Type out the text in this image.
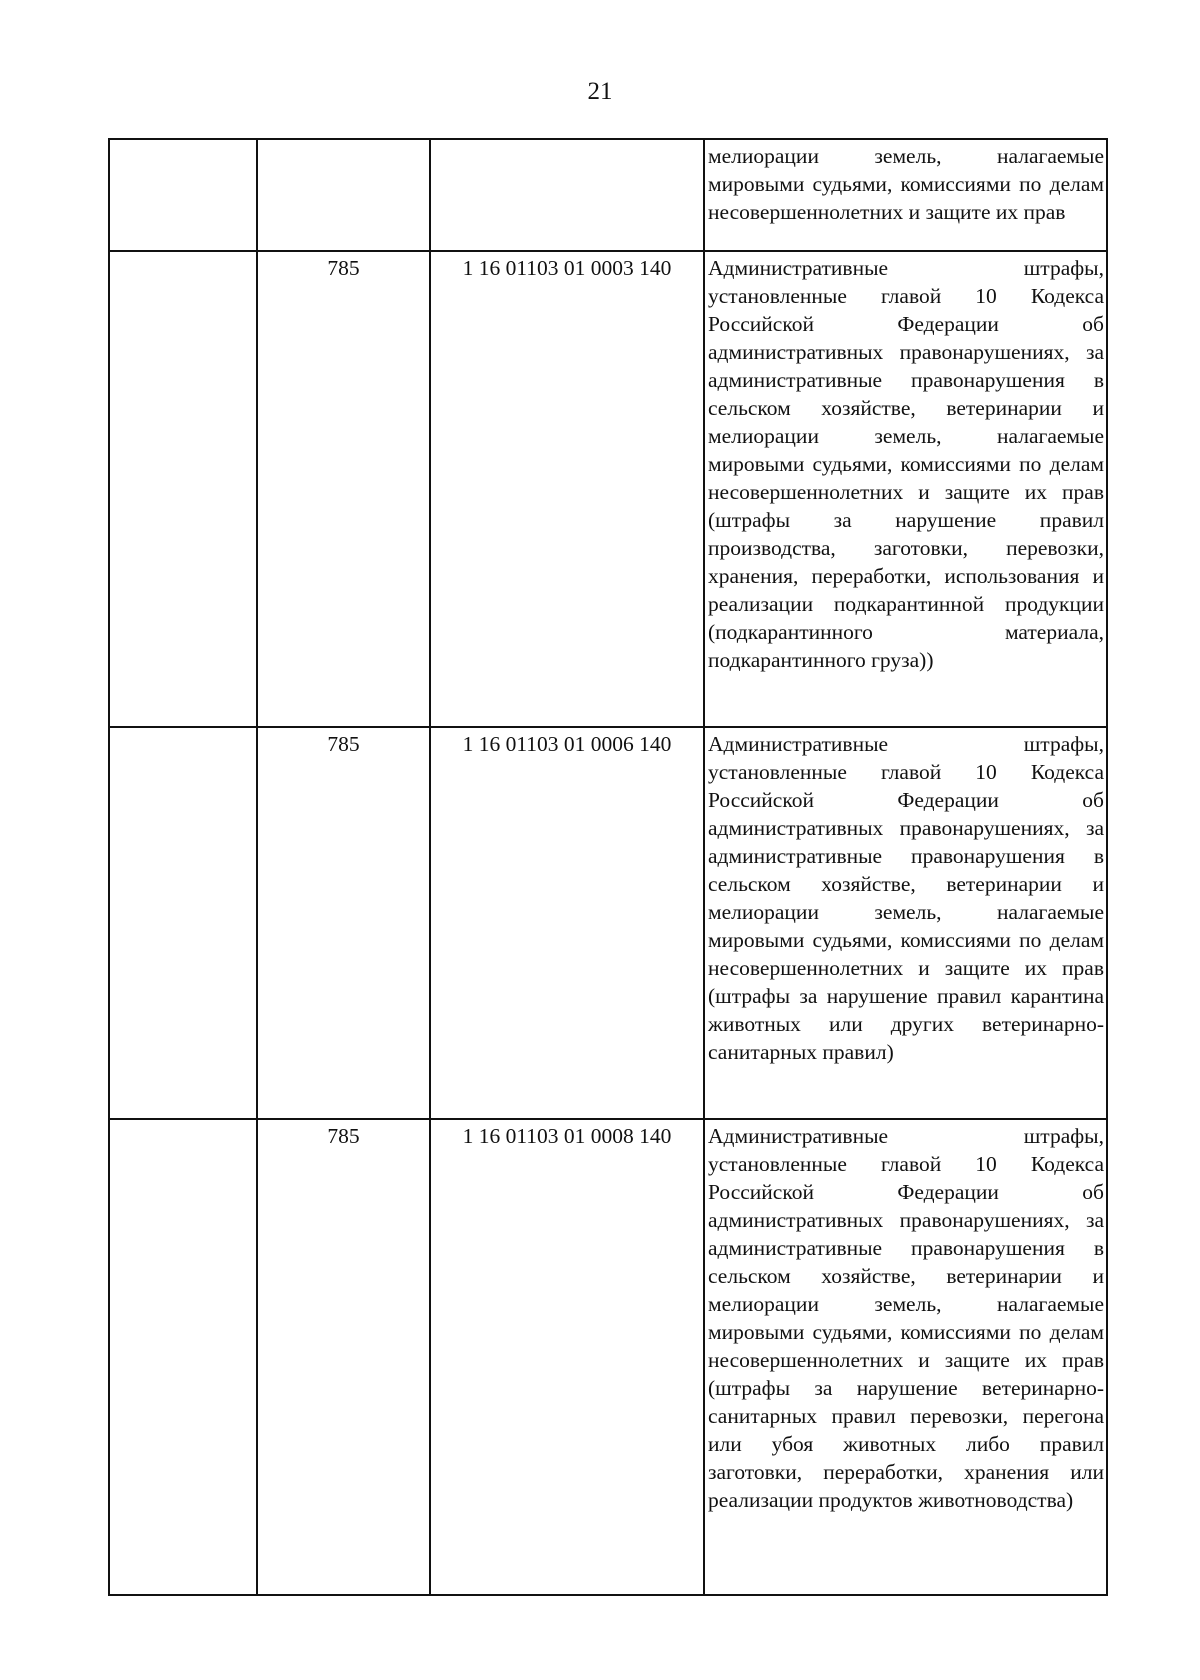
21

			мелиорации земель, налагаемые мировыми судьями, комиссиями по делам несовершеннолетних и защите их прав

	785	1 16 01103 01 0003 140	Административные штрафы, установленные главой 10 Кодекса Российской Федерации об административных правонарушениях, за административные правонарушения в сельском хозяйстве, ветеринарии и мелиорации земель, налагаемые мировыми судьями, комиссиями по делам несовершеннолетних и защите их прав (штрафы за нарушение правил производства, заготовки, перевозки, хранения, переработки, использования и реализации подкарантинной продукции (подкарантинного материала, подкарантинного груза))

	785	1 16 01103 01 0006 140	Административные штрафы, установленные главой 10 Кодекса Российской Федерации об административных правонарушениях, за административные правонарушения в сельском хозяйстве, ветеринарии и мелиорации земель, налагаемые мировыми судьями, комиссиями по делам несовершеннолетних и защите их прав (штрафы за нарушение правил карантина животных или других ветеринарно-санитарных правил)

	785	1 16 01103 01 0008 140	Административные штрафы, установленные главой 10 Кодекса Российской Федерации об административных правонарушениях, за административные правонарушения в сельском хозяйстве, ветеринарии и мелиорации земель, налагаемые мировыми судьями, комиссиями по делам несовершеннолетних и защите их прав (штрафы за нарушение ветеринарно-санитарных правил перевозки, перегона или убоя животных либо правил заготовки, переработки, хранения или реализации продуктов животноводства)
